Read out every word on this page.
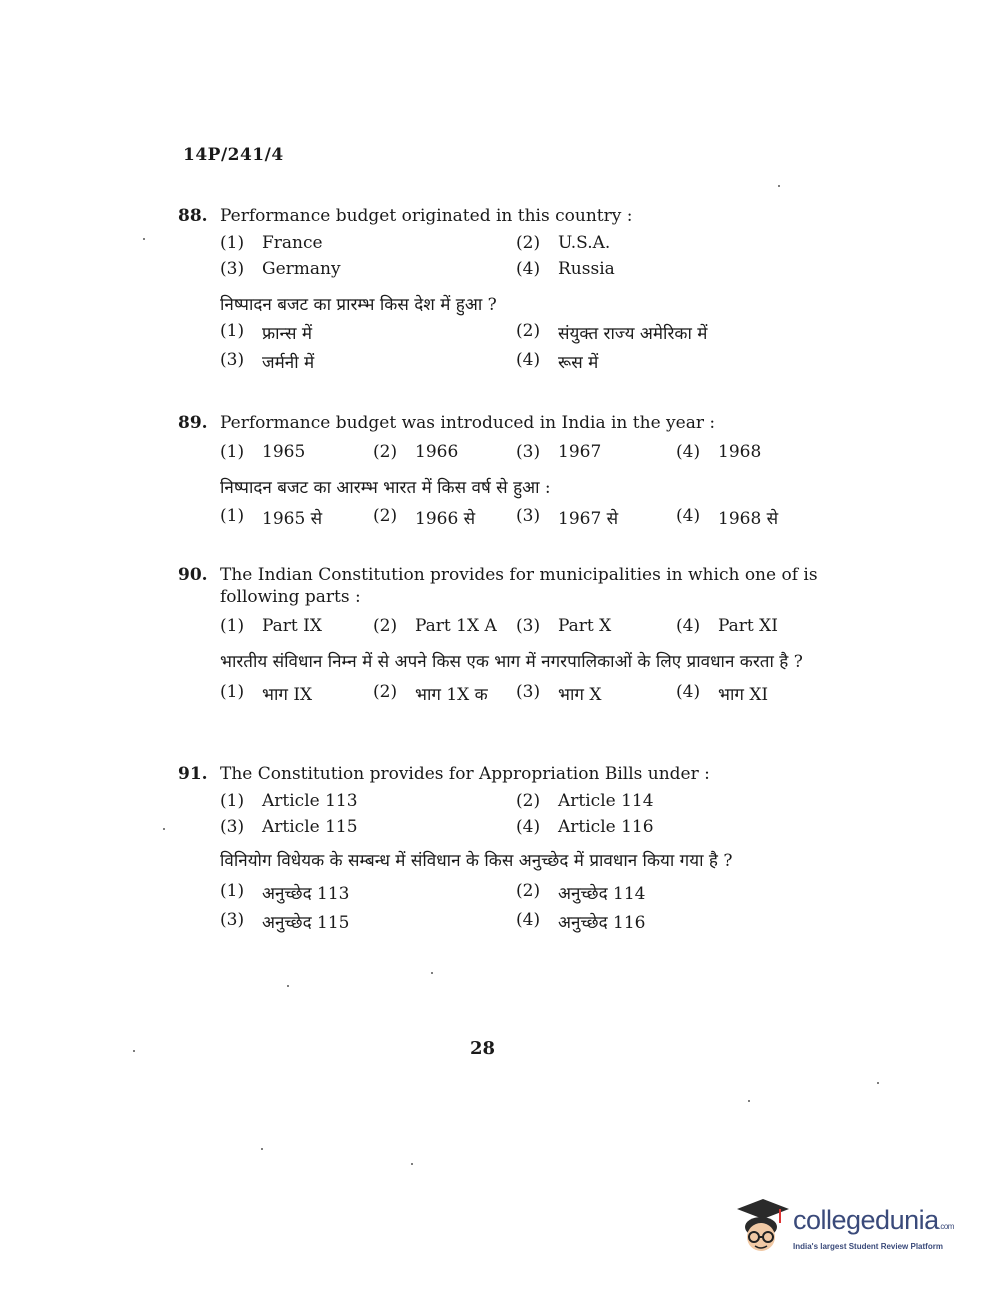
14P/241/4
88. Performance budget originated in this country :
(1)	France	(2)	U.S.A.
(3)	Germany	(4)	Russia
निष्पादन बजट का प्रारम्भ किस देश में हुआ ?
(1)	फ्रान्स में	(2)	संयुक्त राज्य अमेरिका में
(3)	जर्मनी में	(4)	रूस में
89. Performance budget was introduced in India in the year :
(1)	1965	(2)	1966	(3)	1967	(4)	1968
निष्पादन बजट का आरम्भ भारत में किस वर्ष से हुआ :
(1)	1965 से	(2)	1966 से (3)	1967 से	(4)	1968 से
90. The Indian Constitution provides for municipalities in which one of is following parts :
(1)	Part IX	(2)	Part 1X A (3)	Part X	(4)	Part XI
भारतीय संविधान निम्न में से अपने किस एक भाग में नगरपालिकाओं के लिए प्रावधान करता है ?
(1)	भाग IX	(2)	भाग 1X क (3)	भाग X	(4)	भाग XI
91. The Constitution provides for Appropriation Bills under :
(1)	Article 113	(2)	Article 114
(3)	Article 115	(4)	Article 116
विनियोग विधेयक के सम्बन्ध में संविधान के किस अनुच्छेद में प्रावधान किया गया है ?
(1)	अनुच्छेद 113	(2)	अनुच्छेद 114
(3)	अनुच्छेद 115	(4)	अनुच्छेद 116
28
collegedunia.com
India's largest Student Review Platform
